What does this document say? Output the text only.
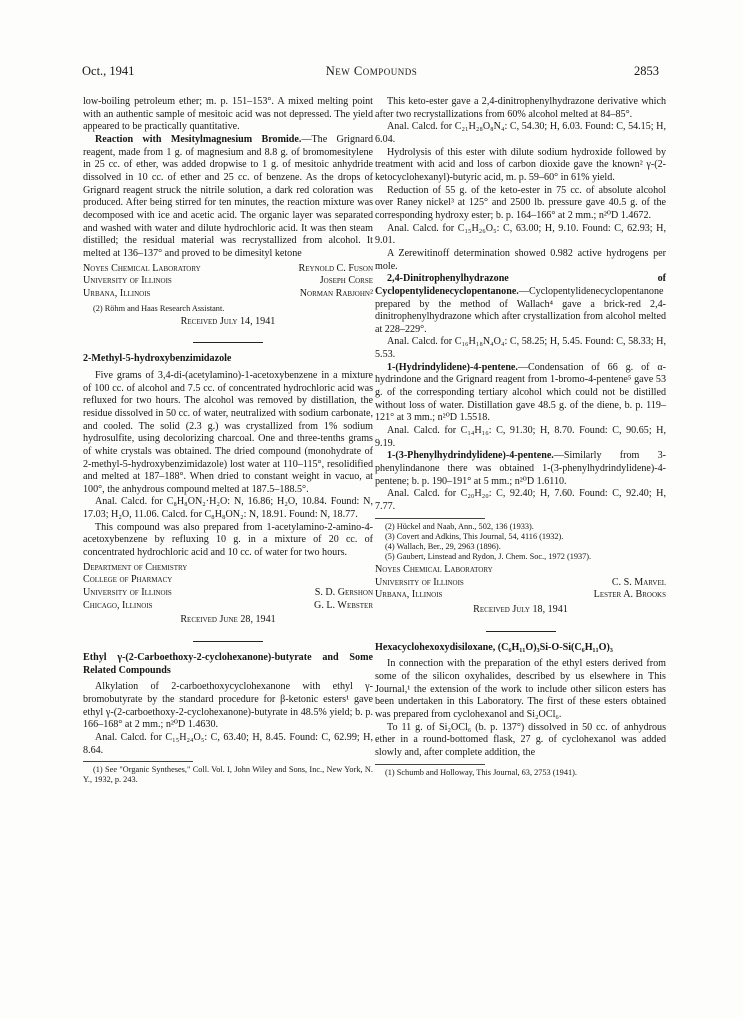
Oct., 1941	New Compounds	2853

low-boiling petroleum ether; m. p. 151–153°. A mixed melting point with an authentic sample of mesitoic acid was not depressed. The yield appeared to be practically quantitative.

Reaction with Mesitylmagnesium Bromide.—The Grignard reagent, made from 1 g. of magnesium and 8.8 g. of bromomesitylene in 25 cc. of ether, was added dropwise to 1 g. of mesitoic anhydride dissolved in 10 cc. of ether and 25 cc. of benzene. As the drops of Grignard reagent struck the nitrile solution, a dark red coloration was produced. After being stirred for ten minutes, the reaction mixture was decomposed with ice and acetic acid. The organic layer was separated and washed with water and dilute hydrochloric acid. It was then steam distilled; the residual material was recrystallized from alcohol. It melted at 136–137° and proved to be dimesityl ketone

Noyes Chemical Laboratory	Reynold C. Fuson
University of Illinois	Joseph Corse
Urbana, Illinois	Norman Rabjohn²

(2) Röhm and Haas Research Assistant.

Received July 14, 1941

2-Methyl-5-hydroxybenzimidazole

Five grams of 3,4-di-(acetylamino)-1-acetoxybenzene in a mixture of 100 cc. of alcohol and 7.5 cc. of concentrated hydrochloric acid was refluxed for two hours. The alcohol was removed by distillation, the residue dissolved in 50 cc. of water, neutralized with sodium carbonate, and cooled. The solid (2.3 g.) was crystallized from 1% sodium hydrosulfite, using decolorizing charcoal. One and three-tenths grams of white crystals was obtained. The dried compound (monohydrate of 2-methyl-5-hydroxybenzimidazole) lost water at 110–115°, resolidified and melted at 187–188°. When dried to constant weight in vacuo, at 100°, the anhydrous compound melted at 187.5–188.5°.

Anal. Calcd. for C₈H₈ON₂·H₂O: N, 16.86; H₂O, 10.84. Found: N, 17.03; H₂O, 11.06. Calcd. for C₈H₈ON₂: N, 18.91. Found: N, 18.77.

This compound was also prepared from 1-acetylamino-2-amino-4-acetoxybenzene by refluxing 10 g. in a mixture of 20 cc. of concentrated hydrochloric acid and 10 cc. of water for two hours.

Department of Chemistry
College of Pharmacy
University of Illinois	S. D. Gershon
Chicago, Illinois	G. L. Webster
Received June 28, 1941

Ethyl γ-(2-Carboethoxy-2-cyclohexanone)-butyrate and Some Related Compounds

Alkylation of 2-carboethoxycyclohexanone with ethyl γ-bromobutyrate by the standard procedure for β-ketonic esters¹ gave ethyl γ-(2-carboethoxy-2-cyclohexanone)-butyrate in 48.5% yield; b. p. 166–168° at 2 mm.; n²⁰D 1.4630.

Anal. Calcd. for C₁₅H₂₄O₅: C, 63.40; H, 8.45. Found: C, 62.99; H, 8.64.

(1) See "Organic Syntheses," Coll. Vol. I, John Wiley and Sons, Inc., New York, N. Y., 1932, p. 243.

This keto-ester gave a 2,4-dinitrophenylhydrazone derivative which after two recrystallizations from 60% alcohol melted at 84–85°.

Anal. Calcd. for C₂₁H₂₈O₈N₄: C, 54.30; H, 6.03. Found: C, 54.15; H, 6.04.

Hydrolysis of this ester with dilute sodium hydroxide followed by treatment with acid and loss of carbon dioxide gave the known² γ-(2-ketocyclohexanyl)-butyric acid, m. p. 59–60° in 61% yield.

Reduction of 55 g. of the keto-ester in 75 cc. of absolute alcohol over Raney nickel³ at 125° and 2500 lb. pressure gave 40.5 g. of the corresponding hydroxy ester; b. p. 164–166° at 2 mm.; n²⁰D 1.4672.

Anal. Calcd. for C₁₅H₂₆O₅: C, 63.00; H, 9.10. Found: C, 62.93; H, 9.01.

A Zerewitinoff determination showed 0.982 active hydrogens per mole.

2,4-Dinitrophenylhydrazone of Cyclopentylidenecyclopentanone.—Cyclopentylidenecyclopentanone prepared by the method of Wallach⁴ gave a brick-red 2,4-dinitrophenylhydrazone which after crystallization from alcohol melted at 228–229°.

Anal. Calcd. for C₁₆H₁₈N₄O₄: C, 58.25; H, 5.45. Found: C, 58.33; H, 5.53.

1-(Hydrindylidene)-4-pentene.—Condensation of 66 g. of α-hydrindone and the Grignard reagent from 1-bromo-4-pentene⁵ gave 53 g. of the corresponding tertiary alcohol which could not be distilled without loss of water. Distillation gave 48.5 g. of the diene, b. p. 119–121° at 3 mm.; n²⁰D 1.5518.

Anal. Calcd. for C₁₄H₁₆: C, 91.30; H, 8.70. Found: C, 90.65; H, 9.19.

1-(3-Phenylhydrindylidene)-4-pentene.—Similarly from 3-phenylindanone there was obtained 1-(3-phenylhydrindylidene)-4-pentene; b. p. 190–191° at 5 mm.; n²⁰D 1.6110.

Anal. Calcd. for C₂₀H₂₀: C, 92.40; H, 7.60. Found: C, 92.40; H, 7.77.

(2) Hückel and Naab, Ann., 502, 136 (1933).

(3) Covert and Adkins, This Journal, 54, 4116 (1932).

(4) Wallach, Ber., 29, 2963 (1896).

(5) Gaubert, Linstead and Rydon, J. Chem. Soc., 1972 (1937).

Noyes Chemical Laboratory
University of Illinois	C. S. Marvel
Urbana, Illinois	Lester A. Brooks
Received July 18, 1941

Hexacyclohexoxydisiloxane, (C₆H₁₁O)₃Si-O-Si(C₆H₁₁O)₃

In connection with the preparation of the ethyl esters derived from some of the silicon oxyhalides, described by us elsewhere in This Journal,¹ the extension of the work to include other silicon esters has been undertaken in this Laboratory. The first of these esters obtained was prepared from cyclohexanol and Si₂OCl₆.

To 11 g. of Si₂OCl₆ (b. p. 137°) dissolved in 50 cc. of anhydrous ether in a round-bottomed flask, 27 g. of cyclohexanol was added slowly and, after complete addition, the

(1) Schumb and Holloway, This Journal, 63, 2753 (1941).
